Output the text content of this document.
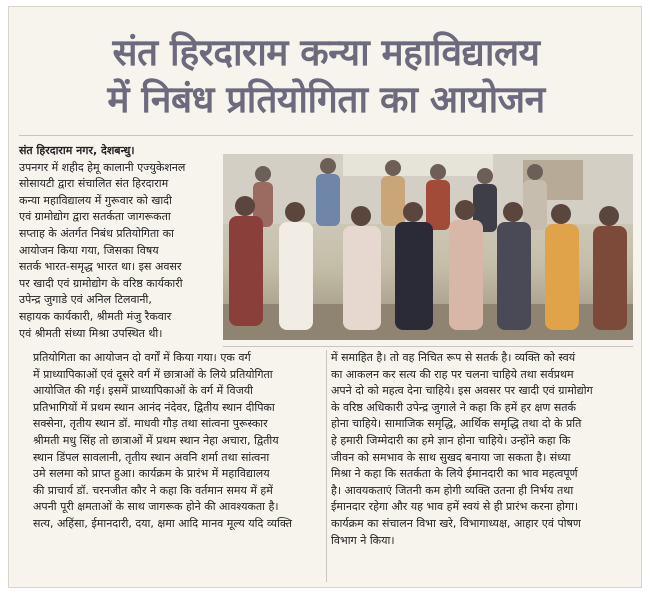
संत हिरदाराम कन्या महाविद्यालय
में निबंध प्रतियोगिता का आयोजन
संत हिरदाराम नगर, देशबन्धु।
उपनगर में शहीद हेमू कालानी एज्युकेशनल
सोसायटी द्वारा संचालित संत हिरदाराम
कन्या महाविद्यालय में गुरूवार को खादी
एवं ग्रामोद्योग द्वारा सतर्कता जागरूकता
सप्ताह के अंतर्गत निबंध प्रतियोगिता का
आयोजन किया गया, जिसका विषय
सतर्क भारत-समृद्ध भारत था। इस अवसर
पर खादी एवं ग्रामोद्योग के वरिष्ठ कार्यकारी
उपेन्द्र जुगाडे एवं अनिल टिलवानी,
सहायक कार्यकारी, श्रीमती मंजु रैकवार
एवं श्रीमती संध्या मिश्रा उपस्थित थी।
प्रतियोगिता का आयोजन दो वर्गों में किया गया। एक वर्ग
में प्राध्यापिकाओं एवं दूसरे वर्ग में छात्राओं के लिये प्रतियोगिता
आयोजित की गई। इसमें प्राध्यापिकाओं के वर्ग में विजयी
प्रतिभागियों में प्रथम स्थान आनंद नंदेवर, द्वितीय स्थान दीपिका
सक्सेना, तृतीय स्थान डॉ. माधवी गौड़ तथा सांत्वना पुरूस्कार
श्रीमती मधु सिंह तो छात्राओं में प्रथम स्थान नेहा अचारा, द्वितीय
स्थान डिंपल सावलानी, तृतीय स्थान अवनि शर्मा तथा सांत्वना
उमे सलमा को प्राप्त हुआ। कार्यक्रम के प्रारंभ में महाविद्यालय
की प्राचार्य डॉ. चरनजीत कौर ने कहा कि वर्तमान समय में हमें
अपनी पूरी क्षमताओं के साथ जागरूक होने की आवश्यकता है।
सत्य, अहिंसा, ईमानदारी, दया, क्षमा आदि मानव मूल्य यदि व्यक्ति
में समाहित है। तो वह निचित रूप से सतर्क है। व्यक्ति को स्वयं
का आकलन कर सत्य की राह पर चलना चाहिये तथा सर्वप्रथम
अपने दो को महत्व देना चाहिये। इस अवसर पर खादी एवं ग्रामोद्योग
के वरिष्ठ अधिकारी उपेन्द्र जुगाले ने कहा कि हमें हर क्षण सतर्क
होना चाहिये। सामाजिक समृद्धि, आर्थिक समृद्धि तथा दो के प्रति
हे हमारी जिम्मेदारी का हमे ज्ञान होना चाहिये। उन्होंने कहा कि
जीवन को समभाव के साथ सुखद बनाया जा सकता है। संध्या
मिश्रा ने कहा कि सतर्कता के लिये ईमानदारी का भाव महत्वपूर्ण
है। आवयकताएं जितनी कम होगी व्यक्ति उतना ही निर्भय तथा
ईमानदार रहेगा और यह भाव हमें स्वयं से ही प्रारंभ करना होगा।
कार्यक्रम का संचालन विभा खरे, विभागाध्यक्ष, आहार एवं पोषण
विभाग ने किया।
